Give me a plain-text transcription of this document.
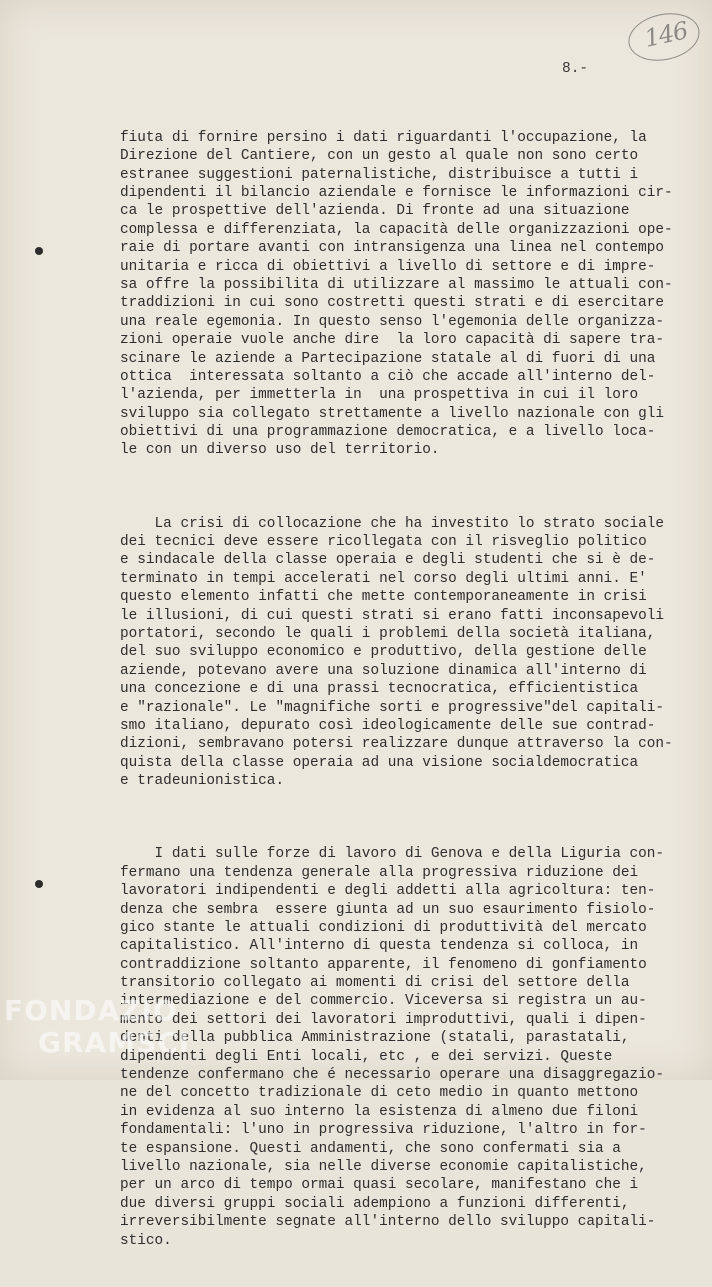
146
8.-

fiuta di fornire persino i dati riguardanti l'occupazione, la
Direzione del Cantiere, con un gesto al quale non sono certo
estranee suggestioni paternalistiche, distribuisce a tutti i
dipendenti il bilancio aziendale e fornisce le informazioni cir-
ca le prospettive dell'azienda. Di fronte ad una situazione
complessa e differenziata, la capacità delle organizzazioni ope-
raie di portare avanti con intransigenza una linea nel contempo
unitaria e ricca di obiettivi a livello di settore e di impre-
sa offre la possibilita di utilizzare al massimo le attuali con-
traddizioni in cui sono costretti questi strati e di esercitare
una reale egemonia. In questo senso l'egemonia delle organizza-
zioni operaie vuole anche dire  la loro capacità di sapere tra-
scinare le aziende a Partecipazione statale al di fuori di una
ottica  interessata soltanto a ciò che accade all'interno del-
l'azienda, per immetterla in  una prospettiva in cui il loro
sviluppo sia collegato strettamente a livello nazionale con gli
obiettivi di una programmazione democratica, e a livello loca-
le con un diverso uso del territorio.

La crisi di collocazione che ha investito lo strato sociale
dei tecnici deve essere ricollegata con il risveglio politico
e sindacale della classe operaia e degli studenti che si è de-
terminato in tempi accelerati nel corso degli ultimi anni. E'
questo elemento infatti che mette contemporaneamente in crisi
le illusioni, di cui questi strati si erano fatti inconsapevoli
portatori, secondo le quali i problemi della società italiana,
del suo sviluppo economico e produttivo, della gestione delle
aziende, potevano avere una soluzione dinamica all'interno di
una concezione e di una prassi tecnocratica, efficientistica
e "razionale". Le "magnifiche sorti e progressive"del capitali-
smo italiano, depurato così ideologicamente delle sue contrad-
dizioni, sembravano potersi realizzare dunque attraverso la con-
quista della classe operaia ad una visione socialdemocratica
e tradeunionistica.

I dati sulle forze di lavoro di Genova e della Liguria con-
fermano una tendenza generale alla progressiva riduzione dei
lavoratori indipendenti e degli addetti alla agricoltura: ten-
denza che sembra  essere giunta ad un suo esaurimento fisiolo-
gico stante le attuali condizioni di produttività del mercato
capitalistico. All'interno di questa tendenza si colloca, in
contraddizione soltanto apparente, il fenomeno di gonfiamento
transitorio collegato ai momenti di crisi del settore della
intermediazione e del commercio. Viceversa si registra un au-
mento dei settori dei lavoratori improduttivi, quali i dipen-
denti della pubblica Amministrazione (statali, parastatali,
dipendenti degli Enti locali, etc , e dei servizi. Queste
tendenze confermano che é necessario operare una disaggregazio-
ne del concetto tradizionale di ceto medio in quanto mettono
in evidenza al suo interno la esistenza di almeno due filoni
fondamentali: l'uno in progressiva riduzione, l'altro in for-
te espansione. Questi andamenti, che sono confermati sia a
livello nazionale, sia nelle diverse economie capitalistiche,
per un arco di tempo ormai quasi secolare, manifestano che i
due diversi gruppi sociali adempiono a funzioni differenti,
irreversibilmente segnate all'interno dello sviluppo capitali-
stico.

FONDAZIO
GRAMSCI
